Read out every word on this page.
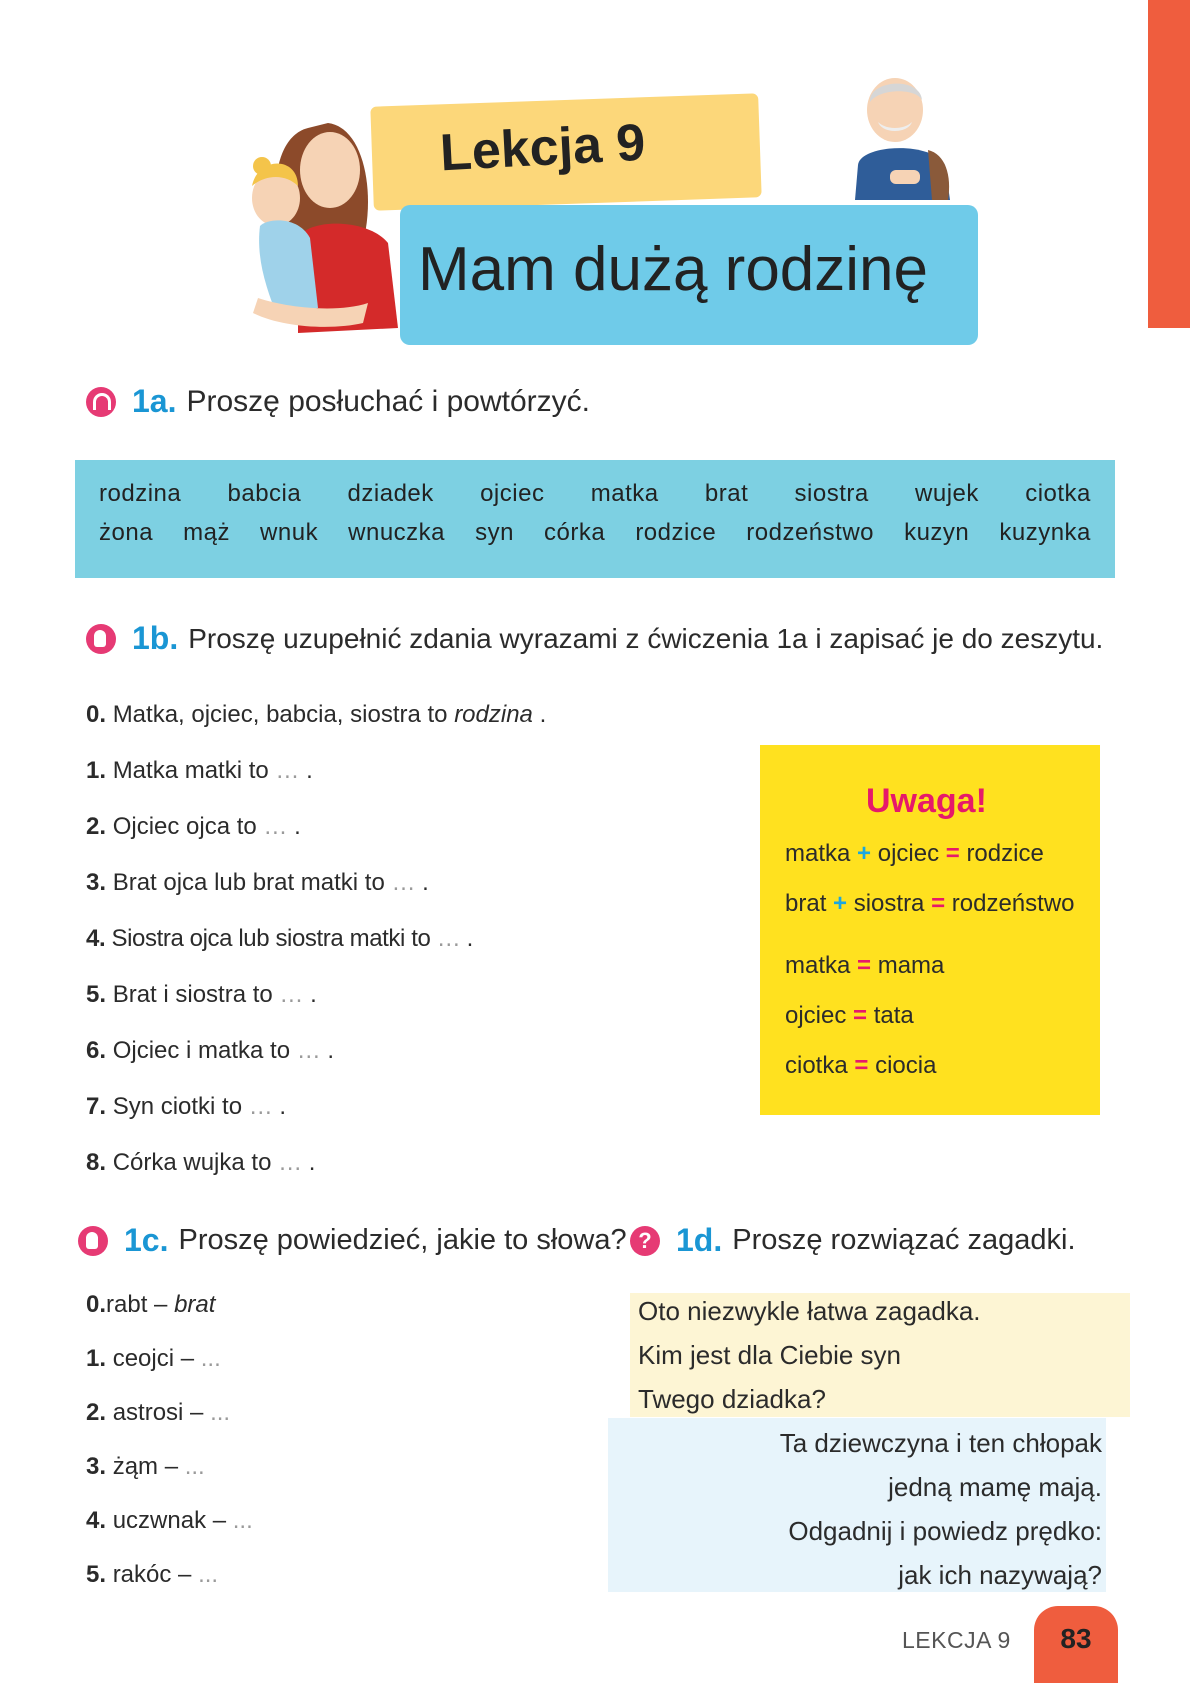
Lekcja 9
Mam dużą rodzinę
1a. Proszę posłuchać i powtórzyć.
rodzina babcia dziadek ojciec matka brat siostra wujek ciotka
żona mąż wnuk wnuczka syn córka rodzice rodzeństwo kuzyn kuzynka
1b. Proszę uzupełnić zdania wyrazami z ćwiczenia 1a i zapisać je do zeszytu.
0. Matka, ojciec, babcia, siostra to rodzina .
1. Matka matki to … .
2. Ojciec ojca to … .
3. Brat ojca lub brat matki to … .
4. Siostra ojca lub siostra matki to … .
5. Brat i siostra to … .
6. Ojciec i matka to … .
7. Syn ciotki to … .
8. Córka wujka to … .
Uwaga!
matka + ojciec = rodzice
brat + siostra = rodzeństwo
matka = mama
ojciec = tata
ciotka = ciocia
1c. Proszę powiedzieć, jakie to słowa?
0.rabt – brat
1. ceojci – ...
2. astrosi – ...
3. żąm – ...
4. uczwnak – ...
5. rakóc – ...
? 1d. Proszę rozwiązać zagadki.
Oto niezwykle łatwa zagadka.
Kim jest dla Ciebie syn
Twego dziadka?
Ta dziewczyna i ten chłopak
jedną mamę mają.
Odgadnij i powiedz prędko:
jak ich nazywają?
LEKCJA 9	83
